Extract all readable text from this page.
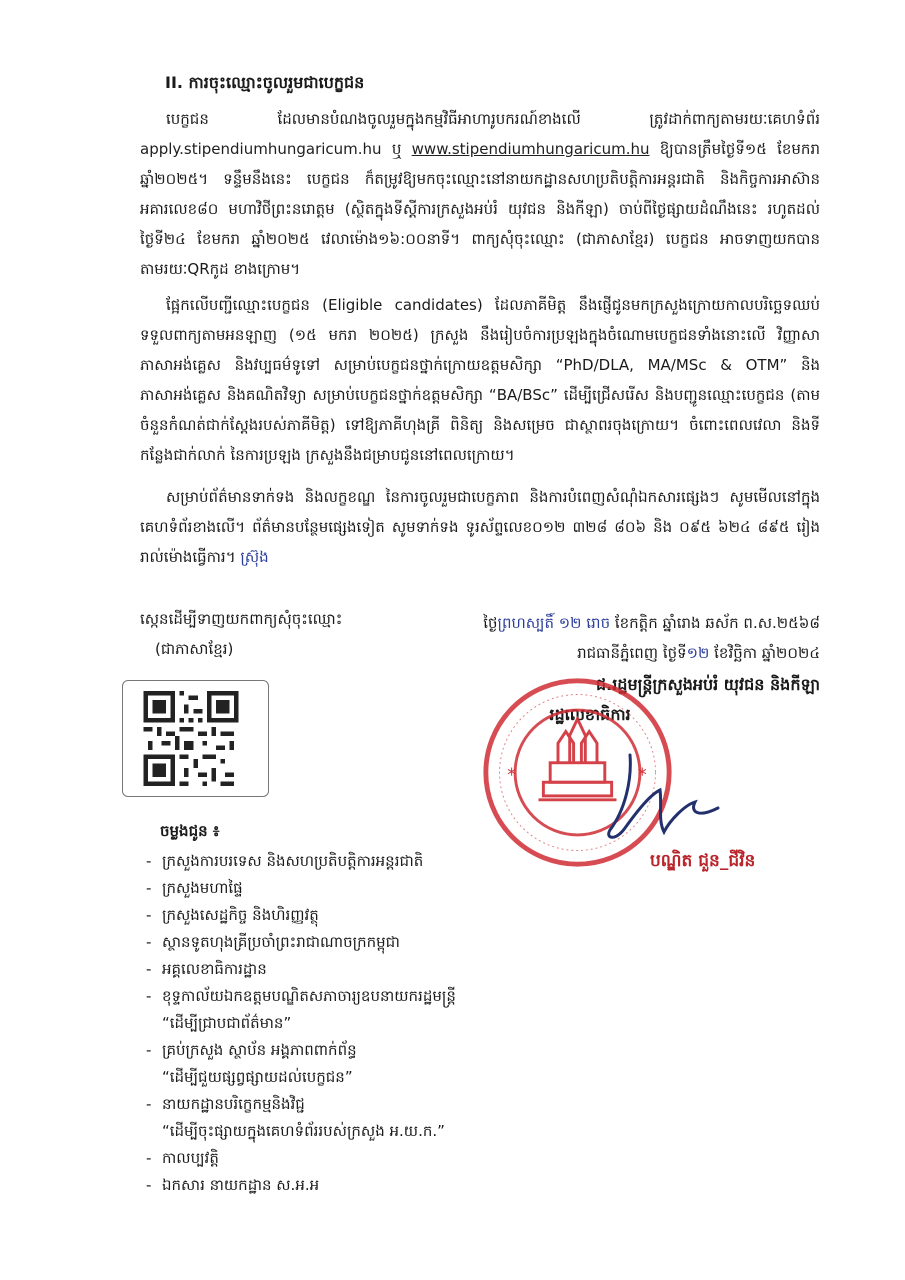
II. ការចុះឈ្មោះចូលរួមជាបេក្ខជន
បេក្ខជន ដែលមានបំណងចូលរួមក្នុងកម្មវិធីអាហារូបករណ៍ខាងលើ ត្រូវដាក់ពាក្យតាមរយៈគេហទំព័រ apply.stipendiumhungaricum.hu ឬ www.stipendiumhungaricum.hu ឱ្យបានត្រឹមថ្ងៃទី១៥ ខែមករា ឆ្នាំ២០២៥។ ទន្ទឹមនឹងនេះ បេក្ខជន ក៏តម្រូវឱ្យមកចុះឈ្មោះនៅនាយកដ្ឋានសហប្រតិបត្តិការអន្តរជាតិ និងកិច្ចការអាស៊ាន អគារលេខ៨០ មហាវិថីព្រះនរោត្តម (ស្ថិតក្នុងទីស្តីការក្រសួងអប់រំ យុវជន និងកីឡា) ចាប់ពីថ្ងៃផ្សាយដំណឹងនេះ រហូតដល់ថ្ងៃទី២៤ ខែមករា ឆ្នាំ២០២៥ វេលាម៉ោង១៦:០០នាទី។ ពាក្យសុំចុះឈ្មោះ (ជាភាសាខ្មែរ) បេក្ខជន អាចទាញយកបាន តាមរយៈQRកូដ ខាងក្រោម។
ផ្អែកលើបញ្ជីឈ្មោះបេក្ខជន (Eligible candidates) ដែលភាគីមិត្ត នឹងផ្ញើជូនមកក្រសួងក្រោយកាលបរិច្ឆេទឈប់ទទួលពាក្យតាមអនឡាញ (១៥ មករា ២០២៥) ក្រសួង នឹងរៀបចំការប្រឡងក្នុងចំណោមបេក្ខជនទាំងនោះលើ វិញ្ញាសាភាសាអង់គ្លេស និងវប្បធម៌ទូទៅ សម្រាប់បេក្ខជនថ្នាក់ក្រោយឧត្តមសិក្សា “PhD/DLA, MA/MSc & OTM” និងភាសាអង់គ្លេស និងគណិតវិទ្យា សម្រាប់បេក្ខជនថ្នាក់ឧត្តមសិក្សា “BA/BSc” ដើម្បីជ្រើសរើស និងបញ្ជូនឈ្មោះបេក្ខជន (តាមចំនួនកំណត់ជាក់ស្តែងរបស់ភាគីមិត្ត) ទៅឱ្យភាគីហុងគ្រី ពិនិត្យ និងសម្រេច ជាស្ថាពរចុងក្រោយ។ ចំពោះពេលវេលា និងទីកន្លែងជាក់លាក់ នៃការប្រឡង ក្រសួងនឹងជម្រាបជូននៅពេលក្រោយ។
សម្រាប់ព័ត៌មានទាក់ទង និងលក្ខខណ្ឌ នៃការចូលរួមជាបេក្ខភាព និងការបំពេញសំណុំឯកសារផ្សេងៗ សូមមើលនៅក្នុងគេហទំព័រខាងលើ។ ព័ត៌មានបន្ថែមផ្សេងទៀត សូមទាក់ទង ទូរស័ព្ទលេខ០១២ ៣២៨ ៨០៦ និង ០៩៥ ៦២៤ ៨៩៥ រៀងរាល់ម៉ោងធ្វើការ។ ស្រ៊ុង
ស្កេនដើម្បីទាញយកពាក្យសុំចុះឈ្មោះ
(ជាភាសាខ្មែរ)
ថ្ងៃព្រហស្បតិ៍ ១២ រោច ខែកត្តិក ឆ្នាំរោង ឆស័ក ព.ស.២៥៦៨
រាជធានីភ្នំពេញ ថ្ងៃទី១២ ខែវិច្ឆិកា ឆ្នាំ២០២៤
ជ.រដ្ឋមន្ត្រីក្រសួងអប់រំ យុវជន និងកីឡា
រដ្ឋលេខាធិការ
*	*
បណ្ឌិត ជួន_ជីវិន
ចម្លងជូន ៖
- ក្រសួងការបរទេស និងសហប្រតិបត្តិការអន្តរជាតិ
- ក្រសួងមហាផ្ទៃ
- ក្រសួងសេដ្ឋកិច្ច និងហិរញ្ញវត្ថុ
- ស្ថានទូតហុងគ្រីប្រចាំព្រះរាជាណាចក្រកម្ពុជា
- អគ្គលេខាធិការដ្ឋាន
- ខុទ្ទកាល័យឯកឧត្តមបណ្ឌិតសភាចារ្យឧបនាយករដ្ឋមន្ត្រី
“ដើម្បីជ្រាបជាព័ត៌មាន”
- គ្រប់ក្រសួង ស្ថាប័ន អង្គភាពពាក់ព័ន្ធ
“ដើម្បីជួយផ្សព្វផ្សាយដល់បេក្ខជន”
- នាយកដ្ឋានបរិក្ខេកម្មនិងវិជ្ជ
“ដើម្បីចុះផ្សាយក្នុងគេហទំព័ររបស់ក្រសួង អ.យ.ក.”
- កាលប្បវត្តិ
- ឯកសារ នាយកដ្ឋាន ស.អ.អ
